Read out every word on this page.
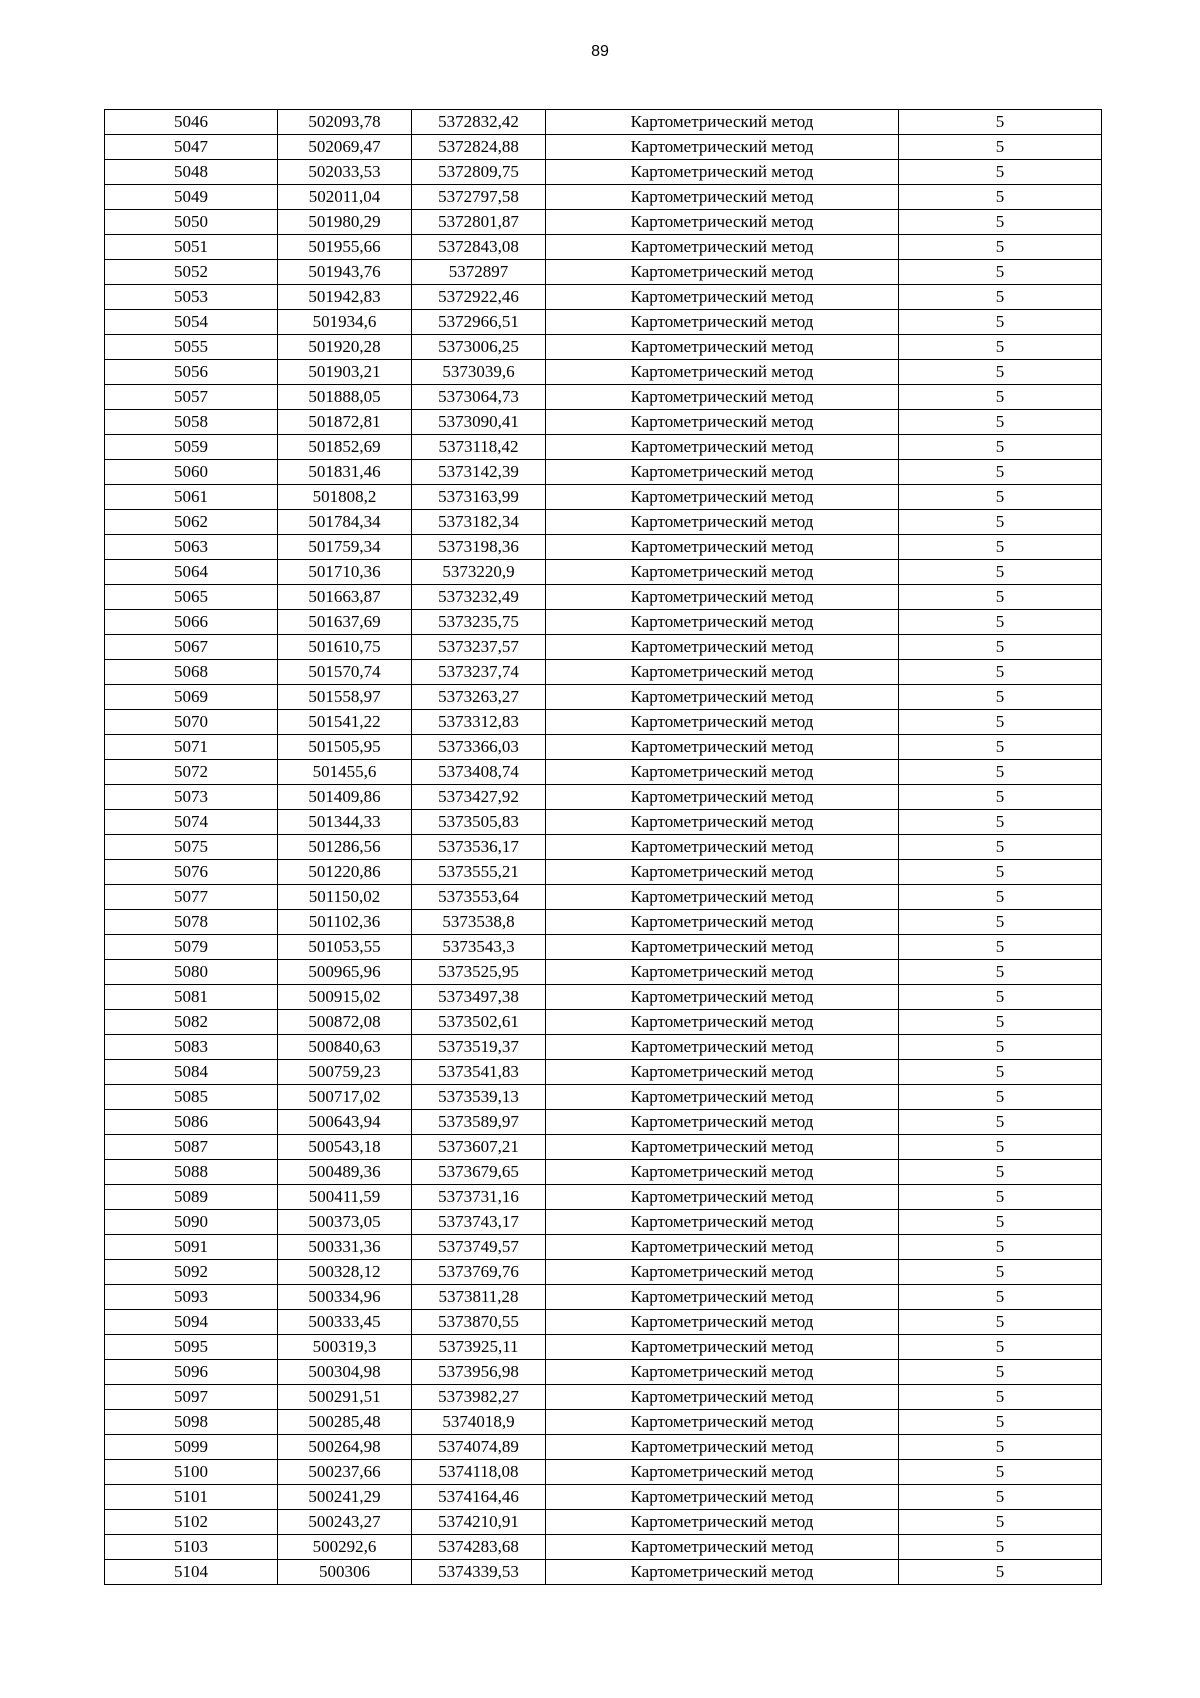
89
5046	502093,78	5372832,42	Картометрический метод	5
5047	502069,47	5372824,88	Картометрический метод	5
5048	502033,53	5372809,75	Картометрический метод	5
5049	502011,04	5372797,58	Картометрический метод	5
5050	501980,29	5372801,87	Картометрический метод	5
5051	501955,66	5372843,08	Картометрический метод	5
5052	501943,76	5372897	Картометрический метод	5
5053	501942,83	5372922,46	Картометрический метод	5
5054	501934,6	5372966,51	Картометрический метод	5
5055	501920,28	5373006,25	Картометрический метод	5
5056	501903,21	5373039,6	Картометрический метод	5
5057	501888,05	5373064,73	Картометрический метод	5
5058	501872,81	5373090,41	Картометрический метод	5
5059	501852,69	5373118,42	Картометрический метод	5
5060	501831,46	5373142,39	Картометрический метод	5
5061	501808,2	5373163,99	Картометрический метод	5
5062	501784,34	5373182,34	Картометрический метод	5
5063	501759,34	5373198,36	Картометрический метод	5
5064	501710,36	5373220,9	Картометрический метод	5
5065	501663,87	5373232,49	Картометрический метод	5
5066	501637,69	5373235,75	Картометрический метод	5
5067	501610,75	5373237,57	Картометрический метод	5
5068	501570,74	5373237,74	Картометрический метод	5
5069	501558,97	5373263,27	Картометрический метод	5
5070	501541,22	5373312,83	Картометрический метод	5
5071	501505,95	5373366,03	Картометрический метод	5
5072	501455,6	5373408,74	Картометрический метод	5
5073	501409,86	5373427,92	Картометрический метод	5
5074	501344,33	5373505,83	Картометрический метод	5
5075	501286,56	5373536,17	Картометрический метод	5
5076	501220,86	5373555,21	Картометрический метод	5
5077	501150,02	5373553,64	Картометрический метод	5
5078	501102,36	5373538,8	Картометрический метод	5
5079	501053,55	5373543,3	Картометрический метод	5
5080	500965,96	5373525,95	Картометрический метод	5
5081	500915,02	5373497,38	Картометрический метод	5
5082	500872,08	5373502,61	Картометрический метод	5
5083	500840,63	5373519,37	Картометрический метод	5
5084	500759,23	5373541,83	Картометрический метод	5
5085	500717,02	5373539,13	Картометрический метод	5
5086	500643,94	5373589,97	Картометрический метод	5
5087	500543,18	5373607,21	Картометрический метод	5
5088	500489,36	5373679,65	Картометрический метод	5
5089	500411,59	5373731,16	Картометрический метод	5
5090	500373,05	5373743,17	Картометрический метод	5
5091	500331,36	5373749,57	Картометрический метод	5
5092	500328,12	5373769,76	Картометрический метод	5
5093	500334,96	5373811,28	Картометрический метод	5
5094	500333,45	5373870,55	Картометрический метод	5
5095	500319,3	5373925,11	Картометрический метод	5
5096	500304,98	5373956,98	Картометрический метод	5
5097	500291,51	5373982,27	Картометрический метод	5
5098	500285,48	5374018,9	Картометрический метод	5
5099	500264,98	5374074,89	Картометрический метод	5
5100	500237,66	5374118,08	Картометрический метод	5
5101	500241,29	5374164,46	Картометрический метод	5
5102	500243,27	5374210,91	Картометрический метод	5
5103	500292,6	5374283,68	Картометрический метод	5
5104	500306	5374339,53	Картометрический метод	5
